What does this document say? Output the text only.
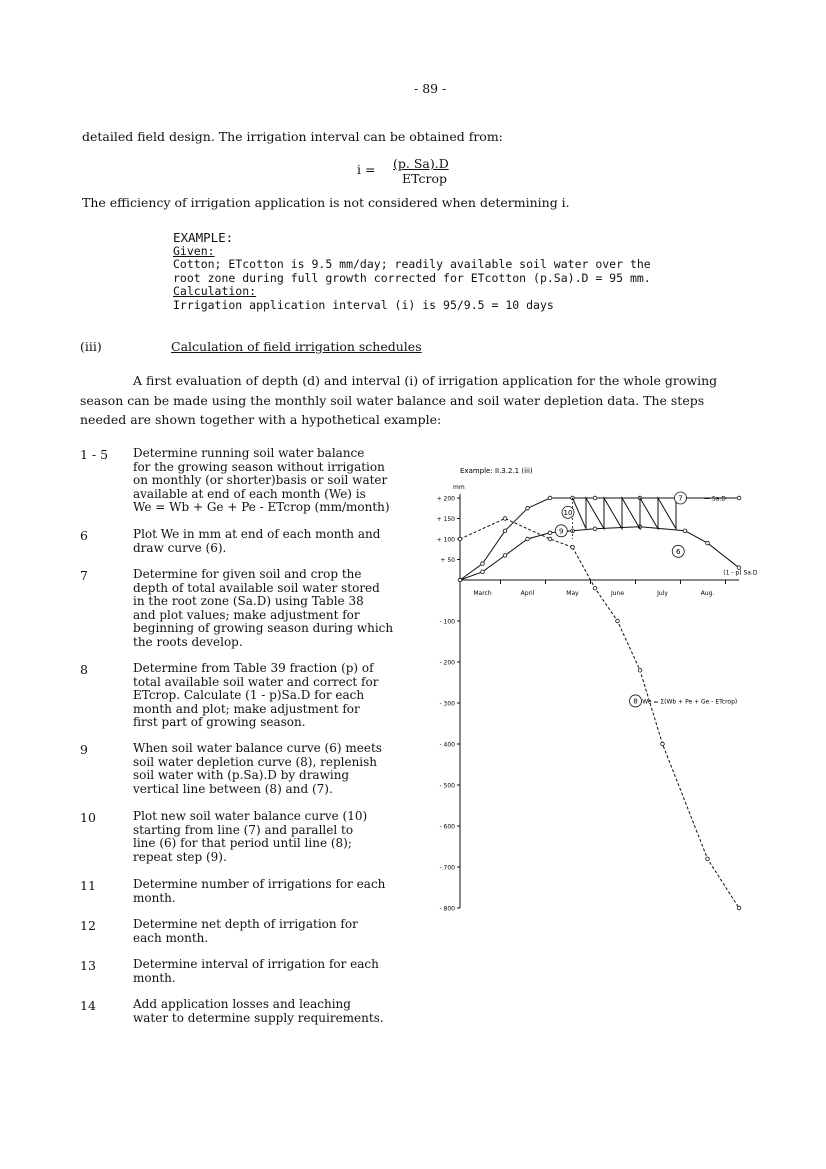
- 89 -
detailed field design. The irrigation interval can be obtained from:
i = (p. Sa).D
ETcrop
The efficiency of irrigation application is not considered when determining i.
EXAMPLE:
Given:
Cotton; ETcotton is 9.5 mm/day; readily available soil water over the
root zone during full growth corrected for ETcotton (p.Sa).D = 95 mm.
Calculation:
Irrigation application interval (i) is 95/9.5 = 10 days
(iii)	Calculation of field irrigation schedules
A first evaluation of depth (d) and interval (i) of irrigation application for the whole growing
season can be made using the monthly soil water balance and soil water depletion data. The steps
needed are shown together with a hypothetical example:
1 - 5 Determine running soil water balance
for the growing season without irrigation
on monthly (or shorter)basis or soil water
available at end of each month (We) is
We = Wb + Ge + Pe - ETcrop (mm/month)
6	Plot We in mm at end of each month and
draw curve (6).
7	Determine for given soil and crop the
depth of total available soil water stored
in the root zone (Sa.D) using Table 38
and plot values; make adjustment for
beginning of growing season during which
the roots develop.
8	Determine from Table 39 fraction (p) of
total available soil water and correct for
ETcrop. Calculate (1 - p)Sa.D for each
month and plot; make adjustment for
first part of growing season.
9	When soil water balance curve (6) meets
soil water depletion curve (8), replenish
soil water with (p.Sa).D by drawing
vertical line between (8) and (7).
10	Plot new soil water balance curve (10)
starting from line (7) and parallel to
line (6) for that period until line (8);
repeat step (9).
11	Determine number of irrigations for each
month.
12	Determine net depth of irrigation for
each month.
13	Determine interval of irrigation for each
month.
14	Add application losses and leaching
water to determine supply requirements.
Example: II.3.2.1 (iii)
mm
+ 200
+ 150
+ 100
+ 50
- 100
- 200
- 300
- 400
- 500
- 600
- 700
- 800
March	April	May	June	July	Aug.
7
10
9
6
8
— Sa.D
(1 - p) Sa.D
We = Σ(Wb + Pe + Ge - ETcrop)
